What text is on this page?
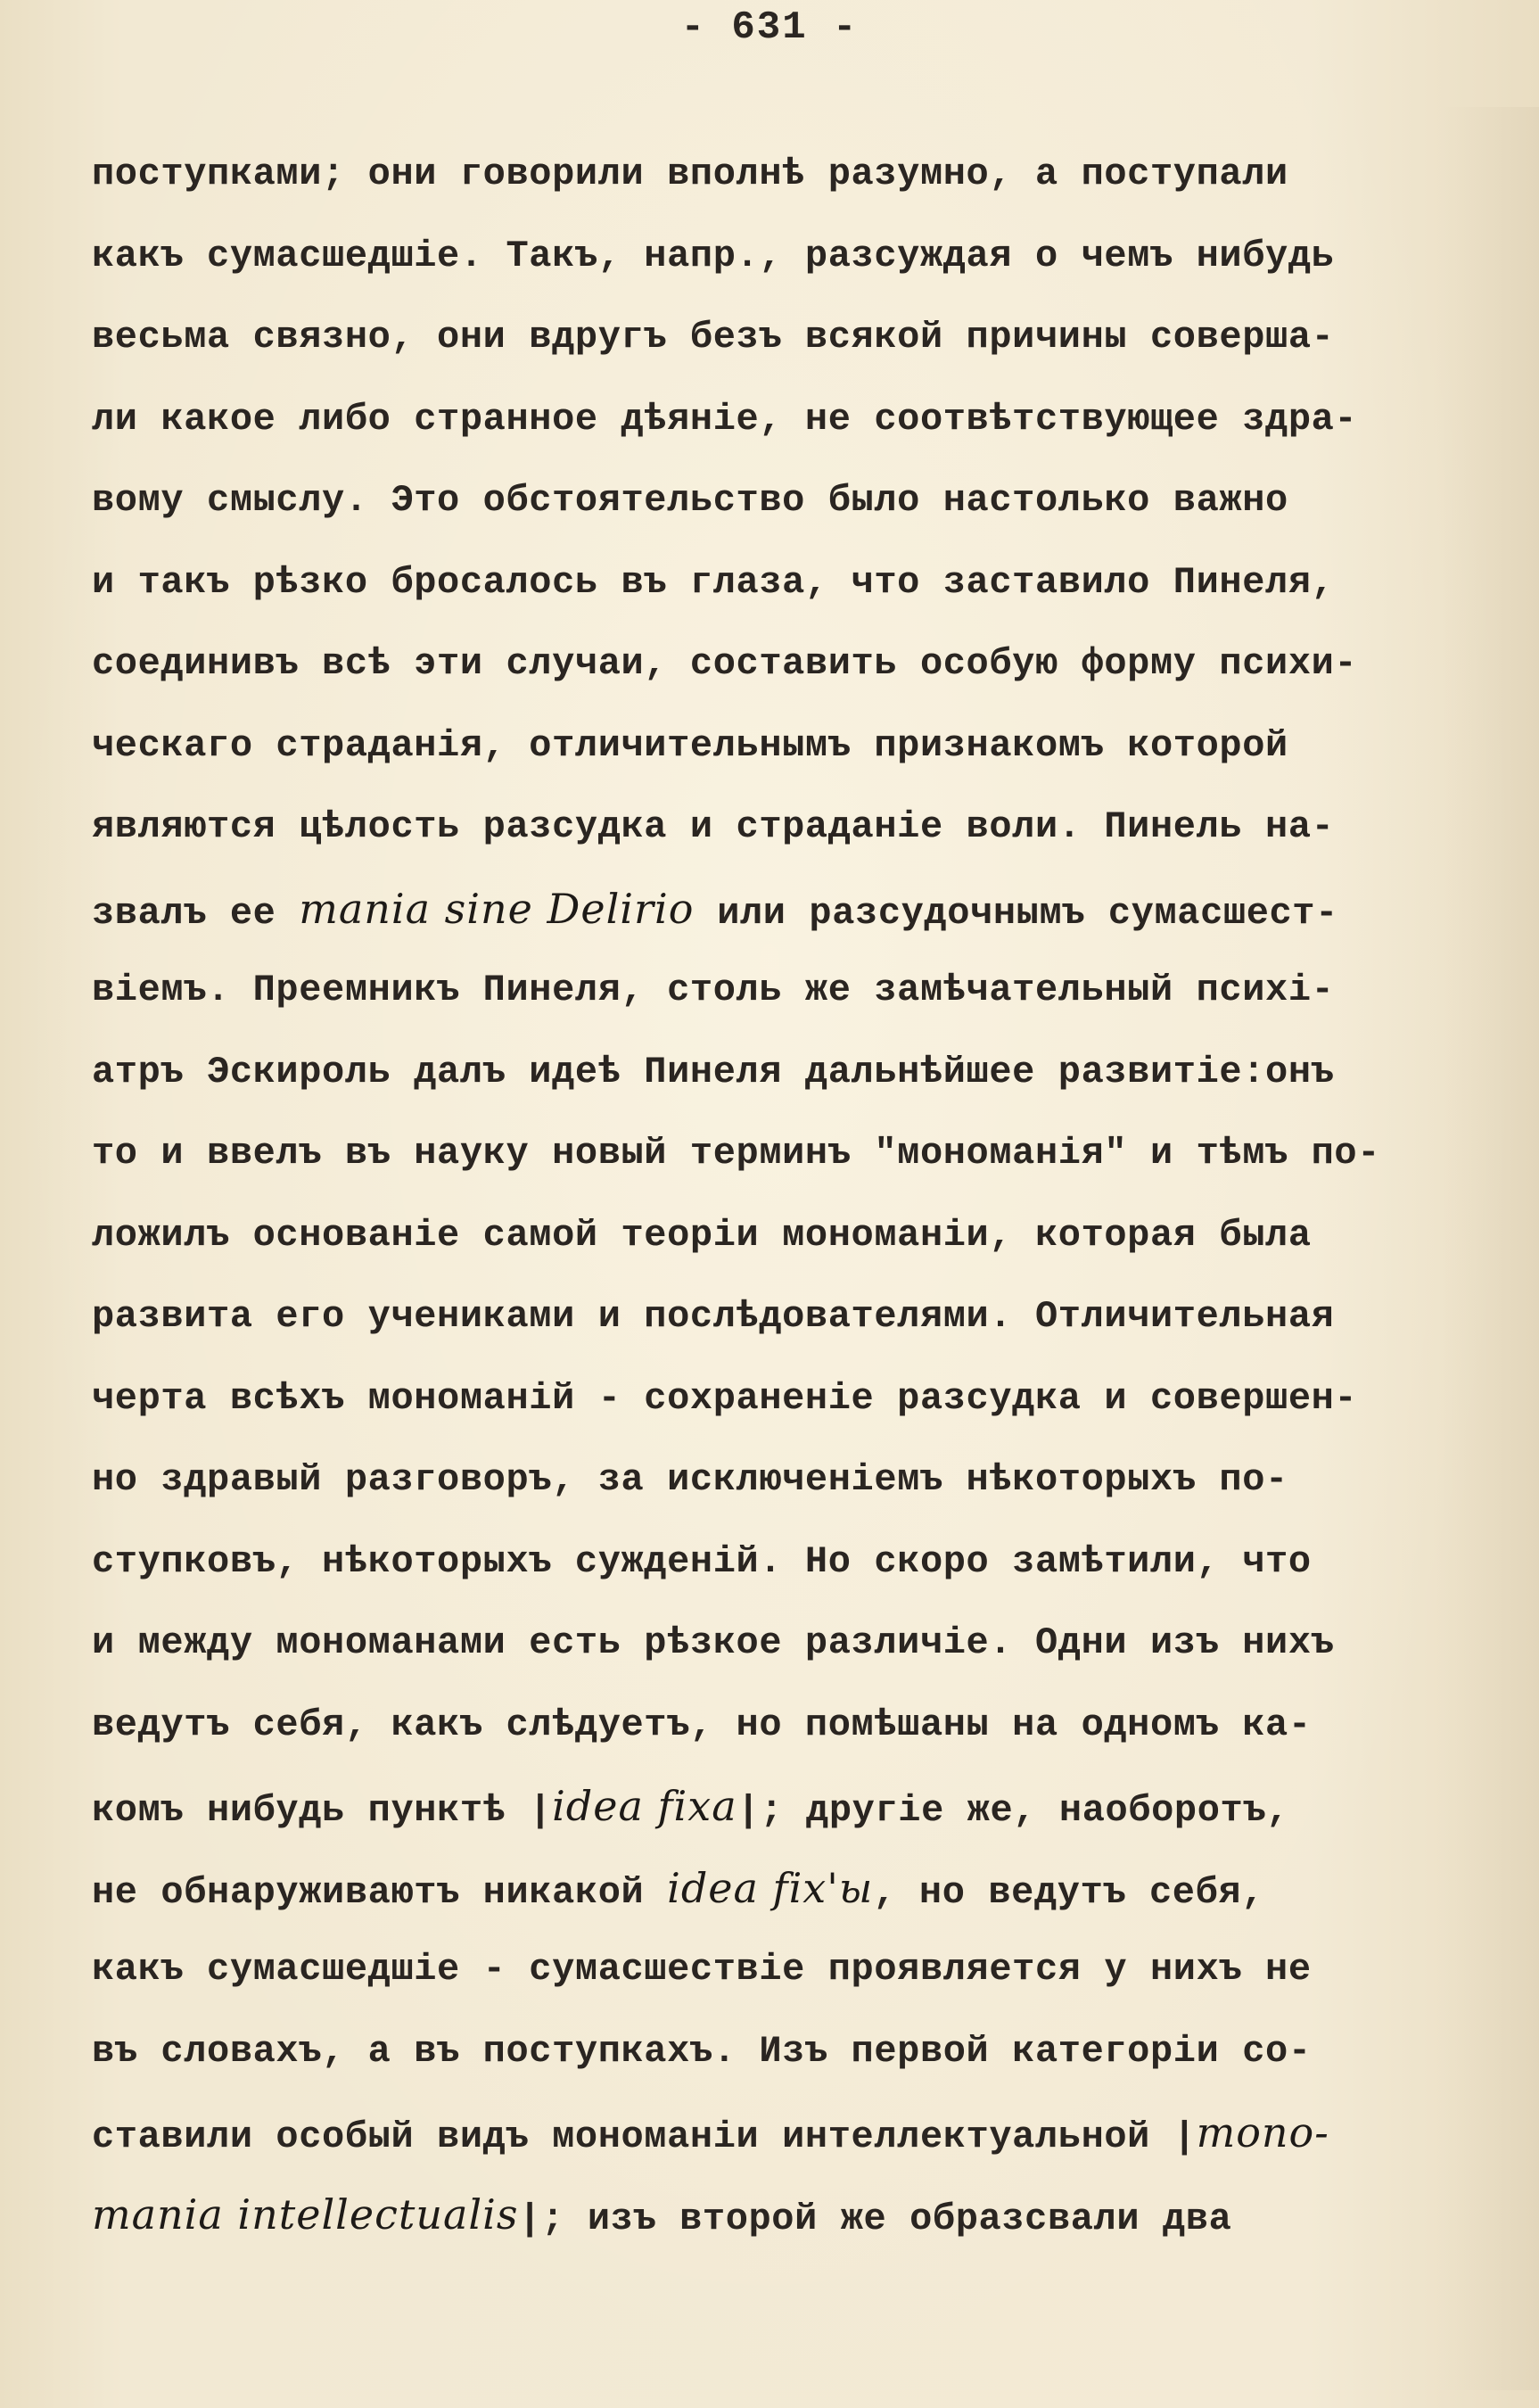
- 631 -
поступками; они говорили вполнѣ разумно, а поступали
какъ сумасшедшіе. Такъ, напр., разсуждая о чемъ нибудь
весьма связно, они вдругъ безъ всякой причины соверша-
ли какое либо странное дѣяніе, не соотвѣтствующее здра-
вому смыслу. Это обстоятельство было настолько важно
и такъ рѣзко бросалось въ глаза, что заставило Пинеля,
соединивъ всѣ эти случаи, составить особую форму психи-
ческаго страданія, отличительнымъ признакомъ которой
являются цѣлость разсудка и страданіе воли. Пинель на-
звалъ ее mania sine Delirio или разсудочнымъ сумасшест-
віемъ. Преемникъ Пинеля, столь же замѣчательный психі-
атръ Эскироль далъ идеѣ Пинеля дальнѣйшее развитіе:онъ
то и ввелъ въ науку новый терминъ "мономанія" и тѣмъ по-
ложилъ основаніе самой теоріи мономаніи, которая была
развита его учениками и послѣдователями. Отличительная
черта всѣхъ мономаній - сохраненіе разсудка и совершен-
но здравый разговоръ, за исключеніемъ нѣкоторыхъ по-
ступковъ, нѣкоторыхъ сужденій. Но скоро замѣтили, что
и между мономанами есть рѣзкое различіе. Одни изъ нихъ
ведутъ себя, какъ слѣдуетъ, но помѣшаны на одномъ ка-
комъ нибудь пунктѣ |idea fixa|; другіе же, наоборотъ,
не обнаруживаютъ никакой idea fix'ы, но ведутъ себя,
какъ сумасшедшіе - сумасшествіе проявляется у нихъ не
въ словахъ, а въ поступкахъ. Изъ первой категоріи со-
ставили особый видъ мономаніи интеллектуальной |mono-
mania intellectualis|; изъ второй же образсвали два
